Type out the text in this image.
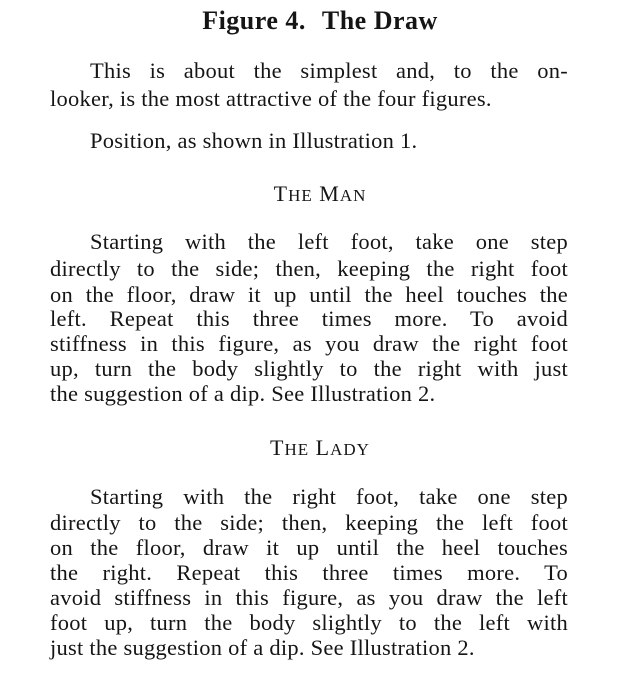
Figure 4. The Draw
This is about the simplest and, to the on-
looker, is the most attractive of the four figures.
Position, as shown in Illustration 1.
THE MAN
Starting with the left foot, take one step
directly to the side; then, keeping the right foot
on the floor, draw it up until the heel touches the
left. Repeat this three times more. To avoid
stiffness in this figure, as you draw the right foot
up, turn the body slightly to the right with just
the suggestion of a dip. See Illustration 2.
THE LADY
Starting with the right foot, take one step
directly to the side; then, keeping the left foot
on the floor, draw it up until the heel touches
the right. Repeat this three times more. To
avoid stiffness in this figure, as you draw the left
foot up, turn the body slightly to the left with
just the suggestion of a dip. See Illustration 2.
